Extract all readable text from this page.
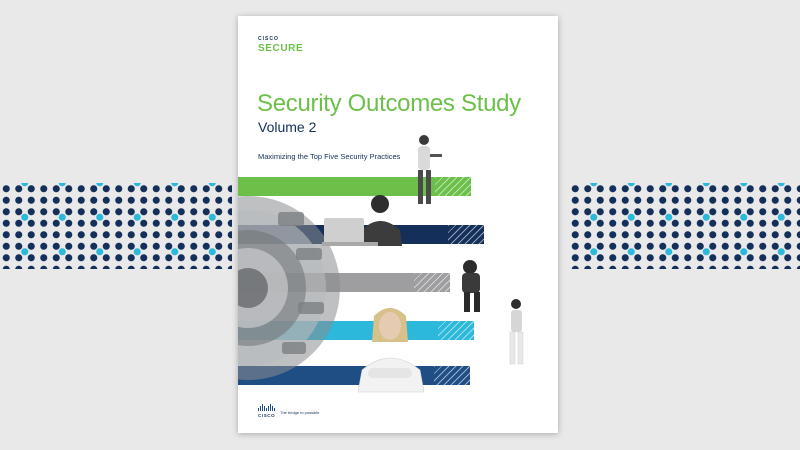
CISCO
SECURE
Security Outcomes Study
Volume 2
Maximizing the Top Five Security Practices
CISCO
The bridge to possible
